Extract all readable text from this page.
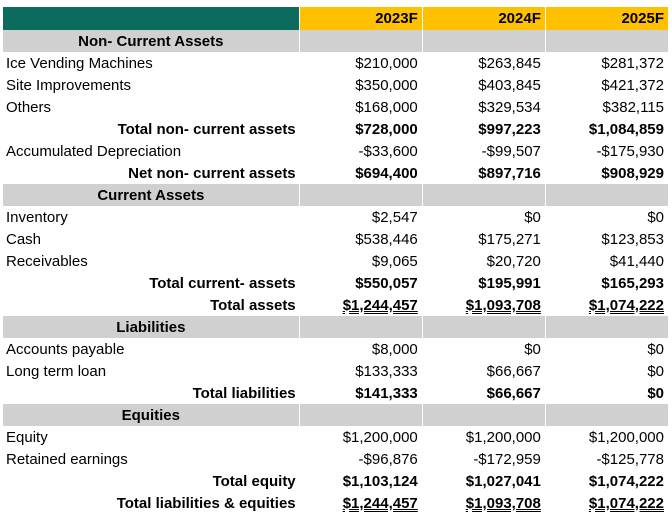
	2023F	2024F	2025F
Non- Current Assets			
Ice Vending Machines	$210,000	$263,845	$281,372
Site Improvements	$350,000	$403,845	$421,372
Others	$168,000	$329,534	$382,115
Total non- current assets	$728,000	$997,223	$1,084,859
Accumulated Depreciation	-$33,600	-$99,507	-$175,930
Net non- current assets	$694,400	$897,716	$908,929
Current Assets			
Inventory	$2,547	$0	$0
Cash	$538,446	$175,271	$123,853
Receivables	$9,065	$20,720	$41,440
Total current- assets	$550,057	$195,991	$165,293
Total assets	$1,244,457	$1,093,708	$1,074,222
Liabilities			
Accounts payable	$8,000	$0	$0
Long term loan	$133,333	$66,667	$0
Total liabilities	$141,333	$66,667	$0
Equities			
Equity	$1,200,000	$1,200,000	$1,200,000
Retained earnings	-$96,876	-$172,959	-$125,778
Total equity	$1,103,124	$1,027,041	$1,074,222
Total liabilities & equities	$1,244,457	$1,093,708	$1,074,222
